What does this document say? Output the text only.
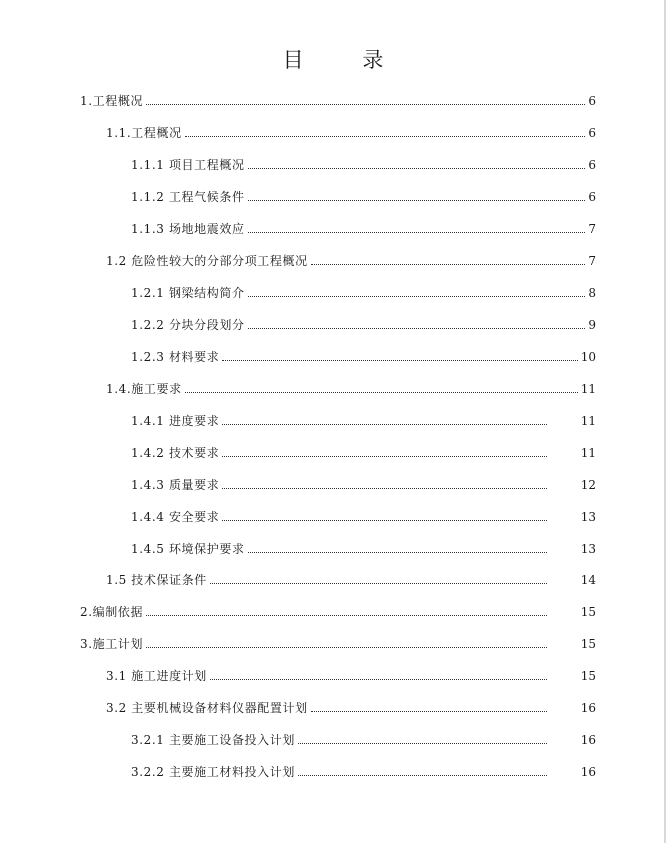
目 录
1.工程概况	6
1.1.工程概况	6
1.1.1 项目工程概况	6
1.1.2 工程气候条件	6
1.1.3 场地地震效应	7
1.2 危险性较大的分部分项工程概况	7
1.2.1 钢梁结构简介	8
1.2.2 分块分段划分	9
1.2.3 材料要求	10
1.4.施工要求	11
1.4.1 进度要求	11
1.4.2 技术要求	11
1.4.3 质量要求	12
1.4.4 安全要求	13
1.4.5 环境保护要求	13
1.5 技术保证条件	14
2.编制依据	15
3.施工计划	15
3.1 施工进度计划	15
3.2 主要机械设备材料仪器配置计划	16
3.2.1 主要施工设备投入计划	16
3.2.2 主要施工材料投入计划	16
